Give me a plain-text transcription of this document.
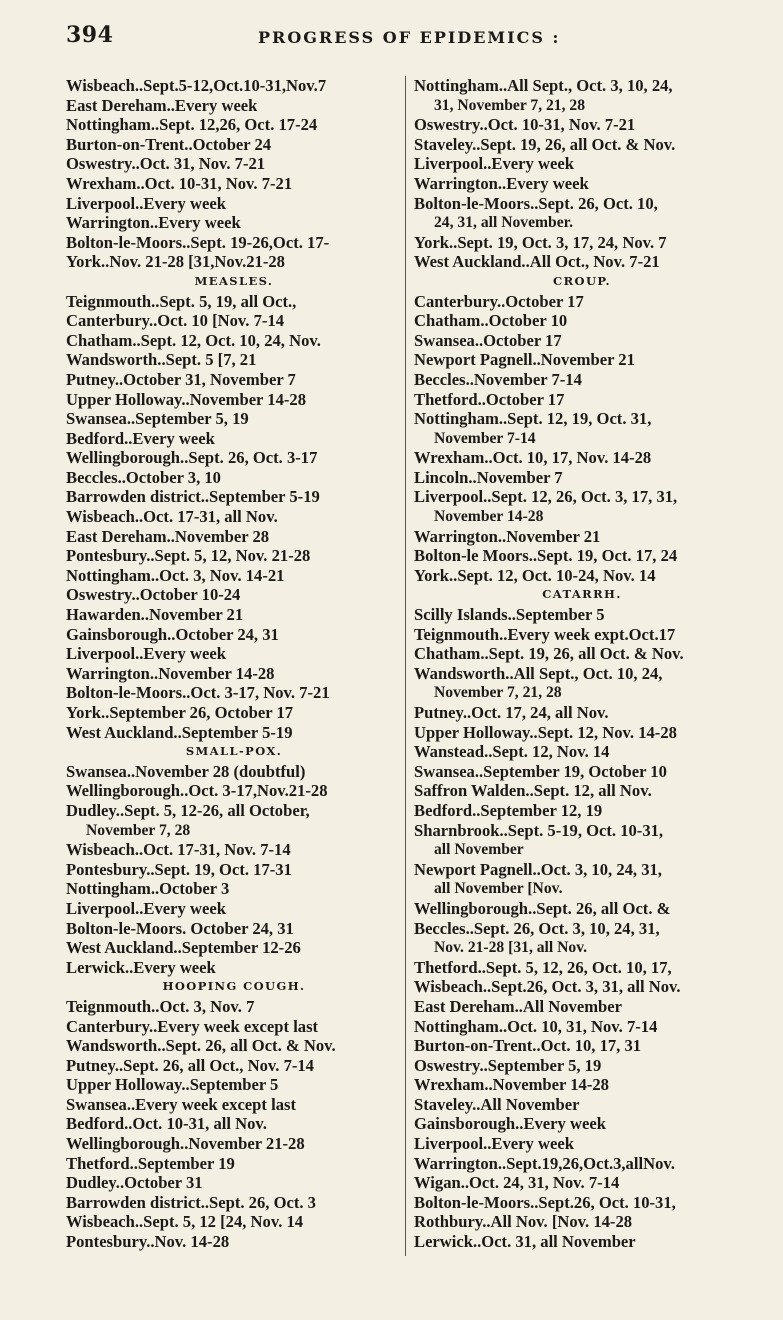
394	PROGRESS OF EPIDEMICS :
Wisbeach..Sept.5-12,Oct.10-31,Nov.7
East Dereham..Every week
Nottingham..Sept. 12,26, Oct. 17-24
Burton-on-Trent..October 24
Oswestry..Oct. 31, Nov. 7-21
Wrexham..Oct. 10-31, Nov. 7-21
Liverpool..Every week
Warrington..Every week
Bolton-le-Moors..Sept. 19-26,Oct. 17-
York..Nov. 21-28 [31,Nov.21-28
MEASLES.
Teignmouth..Sept. 5, 19, all Oct.,
Canterbury..Oct. 10 [Nov. 7-14
Chatham..Sept. 12, Oct. 10, 24, Nov.
Wandsworth..Sept. 5 [7, 21
Putney..October 31, November 7
Upper Holloway..November 14-28
Swansea..September 5, 19
Bedford..Every week
Wellingborough..Sept. 26, Oct. 3-17
Beccles..October 3, 10
Barrowden district..September 5-19
Wisbeach..Oct. 17-31, all Nov.
East Dereham..November 28
Pontesbury..Sept. 5, 12, Nov. 21-28
Nottingham..Oct. 3, Nov. 14-21
Oswestry..October 10-24
Hawarden..November 21
Gainsborough..October 24, 31
Liverpool..Every week
Warrington..November 14-28
Bolton-le-Moors..Oct. 3-17, Nov. 7-21
York..September 26, October 17
West Auckland..September 5-19
SMALL-POX.
Swansea..November 28 (doubtful)
Wellingborough..Oct. 3-17,Nov.21-28
Dudley..Sept. 5, 12-26, all October,
November 7, 28
Wisbeach..Oct. 17-31, Nov. 7-14
Pontesbury..Sept. 19, Oct. 17-31
Nottingham..October 3
Liverpool..Every week
Bolton-le-Moors. October 24, 31
West Auckland..September 12-26
Lerwick..Every week
HOOPING COUGH.
Teignmouth..Oct. 3, Nov. 7
Canterbury..Every week except last
Wandsworth..Sept. 26, all Oct. & Nov.
Putney..Sept. 26, all Oct., Nov. 7-14
Upper Holloway..September 5
Swansea..Every week except last
Bedford..Oct. 10-31, all Nov.
Wellingborough..November 21-28
Thetford..September 19
Dudley..October 31
Barrowden district..Sept. 26, Oct. 3
Wisbeach..Sept. 5, 12 [24, Nov. 14
Pontesbury..Nov. 14-28
Nottingham..All Sept., Oct. 3, 10, 24,
31, November 7, 21, 28
Oswestry..Oct. 10-31, Nov. 7-21
Staveley..Sept. 19, 26, all Oct. & Nov.
Liverpool..Every week
Warrington..Every week
Bolton-le-Moors..Sept. 26, Oct. 10,
24, 31, all November.
York..Sept. 19, Oct. 3, 17, 24, Nov. 7
West Auckland..All Oct., Nov. 7-21
CROUP.
Canterbury..October 17
Chatham..October 10
Swansea..October 17
Newport Pagnell..November 21
Beccles..November 7-14
Thetford..October 17
Nottingham..Sept. 12, 19, Oct. 31,
November 7-14
Wrexham..Oct. 10, 17, Nov. 14-28
Lincoln..November 7
Liverpool..Sept. 12, 26, Oct. 3, 17, 31,
November 14-28
Warrington..November 21
Bolton-le Moors..Sept. 19, Oct. 17, 24
York..Sept. 12, Oct. 10-24, Nov. 14
CATARRH.
Scilly Islands..September 5
Teignmouth..Every week expt.Oct.17
Chatham..Sept. 19, 26, all Oct. & Nov.
Wandsworth..All Sept., Oct. 10, 24,
November 7, 21, 28
Putney..Oct. 17, 24, all Nov.
Upper Holloway..Sept. 12, Nov. 14-28
Wanstead..Sept. 12, Nov. 14
Swansea..September 19, October 10
Saffron Walden..Sept. 12, all Nov.
Bedford..September 12, 19
Sharnbrook..Sept. 5-19, Oct. 10-31,
all November
Newport Pagnell..Oct. 3, 10, 24, 31,
all November [Nov.
Wellingborough..Sept. 26, all Oct. &
Beccles..Sept. 26, Oct. 3, 10, 24, 31,
Nov. 21-28 [31, all Nov.
Thetford..Sept. 5, 12, 26, Oct. 10, 17,
Wisbeach..Sept.26, Oct. 3, 31, all Nov.
East Dereham..All November
Nottingham..Oct. 10, 31, Nov. 7-14
Burton-on-Trent..Oct. 10, 17, 31
Oswestry..September 5, 19
Wrexham..November 14-28
Staveley..All November
Gainsborough..Every week
Liverpool..Every week
Warrington..Sept.19,26,Oct.3,allNov.
Wigan..Oct. 24, 31, Nov. 7-14
Bolton-le-Moors..Sept.26, Oct. 10-31,
Rothbury..All Nov. [Nov. 14-28
Lerwick..Oct. 31, all November
